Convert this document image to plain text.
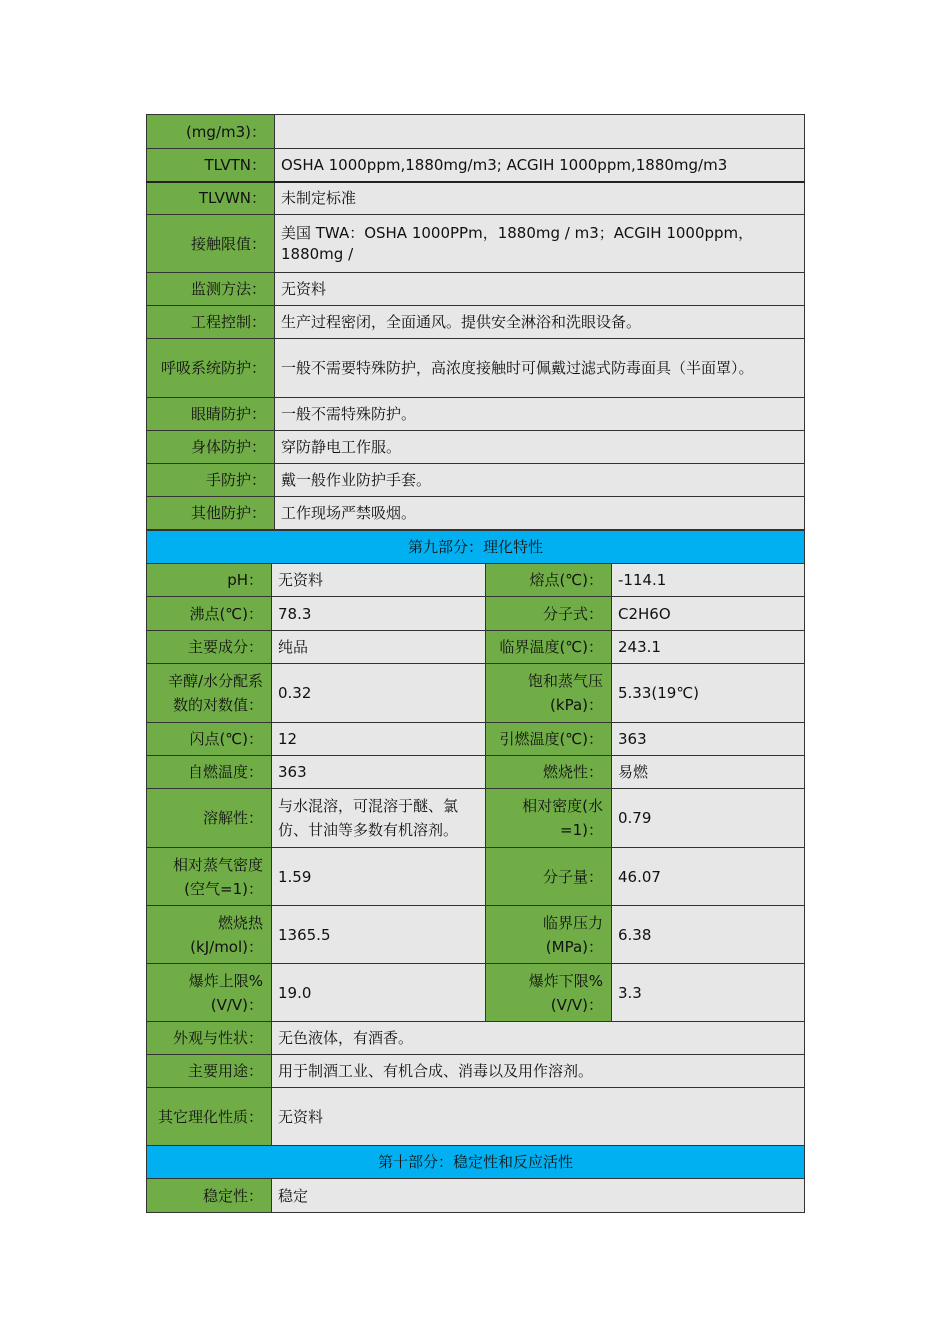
(mg/m3)：	
TLVTN：	OSHA 1000ppm,1880mg/m3; ACGIH 1000ppm,1880mg/m3
TLVWN：	未制定标准
接触限值：	美国 TWA：OSHA 1000PPm，1880mg / m3；ACGIH 1000ppm，1880mg /
监测方法：	无资料
工程控制：	生产过程密闭，全面通风。提供安全淋浴和洗眼设备。
呼吸系统防护：	一般不需要特殊防护，高浓度接触时可佩戴过滤式防毒面具（半面罩）。
眼睛防护：	一般不需特殊防护。
身体防护：	穿防静电工作服。
手防护：	戴一般作业防护手套。
其他防护：	工作现场严禁吸烟。
第九部分：理化特性			
pH：	无资料	熔点(℃)：	-114.1
沸点(℃)：	78.3	分子式：	C2H6O
主要成分：	纯品	临界温度(℃)：	243.1
辛醇/水分配系数的对数值：	0.32	饱和蒸气压(kPa)：	5.33(19℃)
闪点(℃)：	12	引燃温度(℃)：	363
自燃温度：	363	燃烧性：	易燃
溶解性：	与水混溶，可混溶于醚、氯仿、甘油等多数有机溶剂。	相对密度(水=1)：	0.79
相对蒸气密度(空气=1)：	1.59	分子量：	46.07
燃烧热(kJ/mol)：	1365.5	临界压力(MPa)：	6.38
爆炸上限%(V/V)：	19.0	爆炸下限%(V/V)：	3.3
外观与性状：	无色液体，有酒香。		
主要用途：	用于制酒工业、有机合成、消毒以及用作溶剂。		
其它理化性质：	无资料		
第十部分：稳定性和反应活性			
稳定性：	稳定		
